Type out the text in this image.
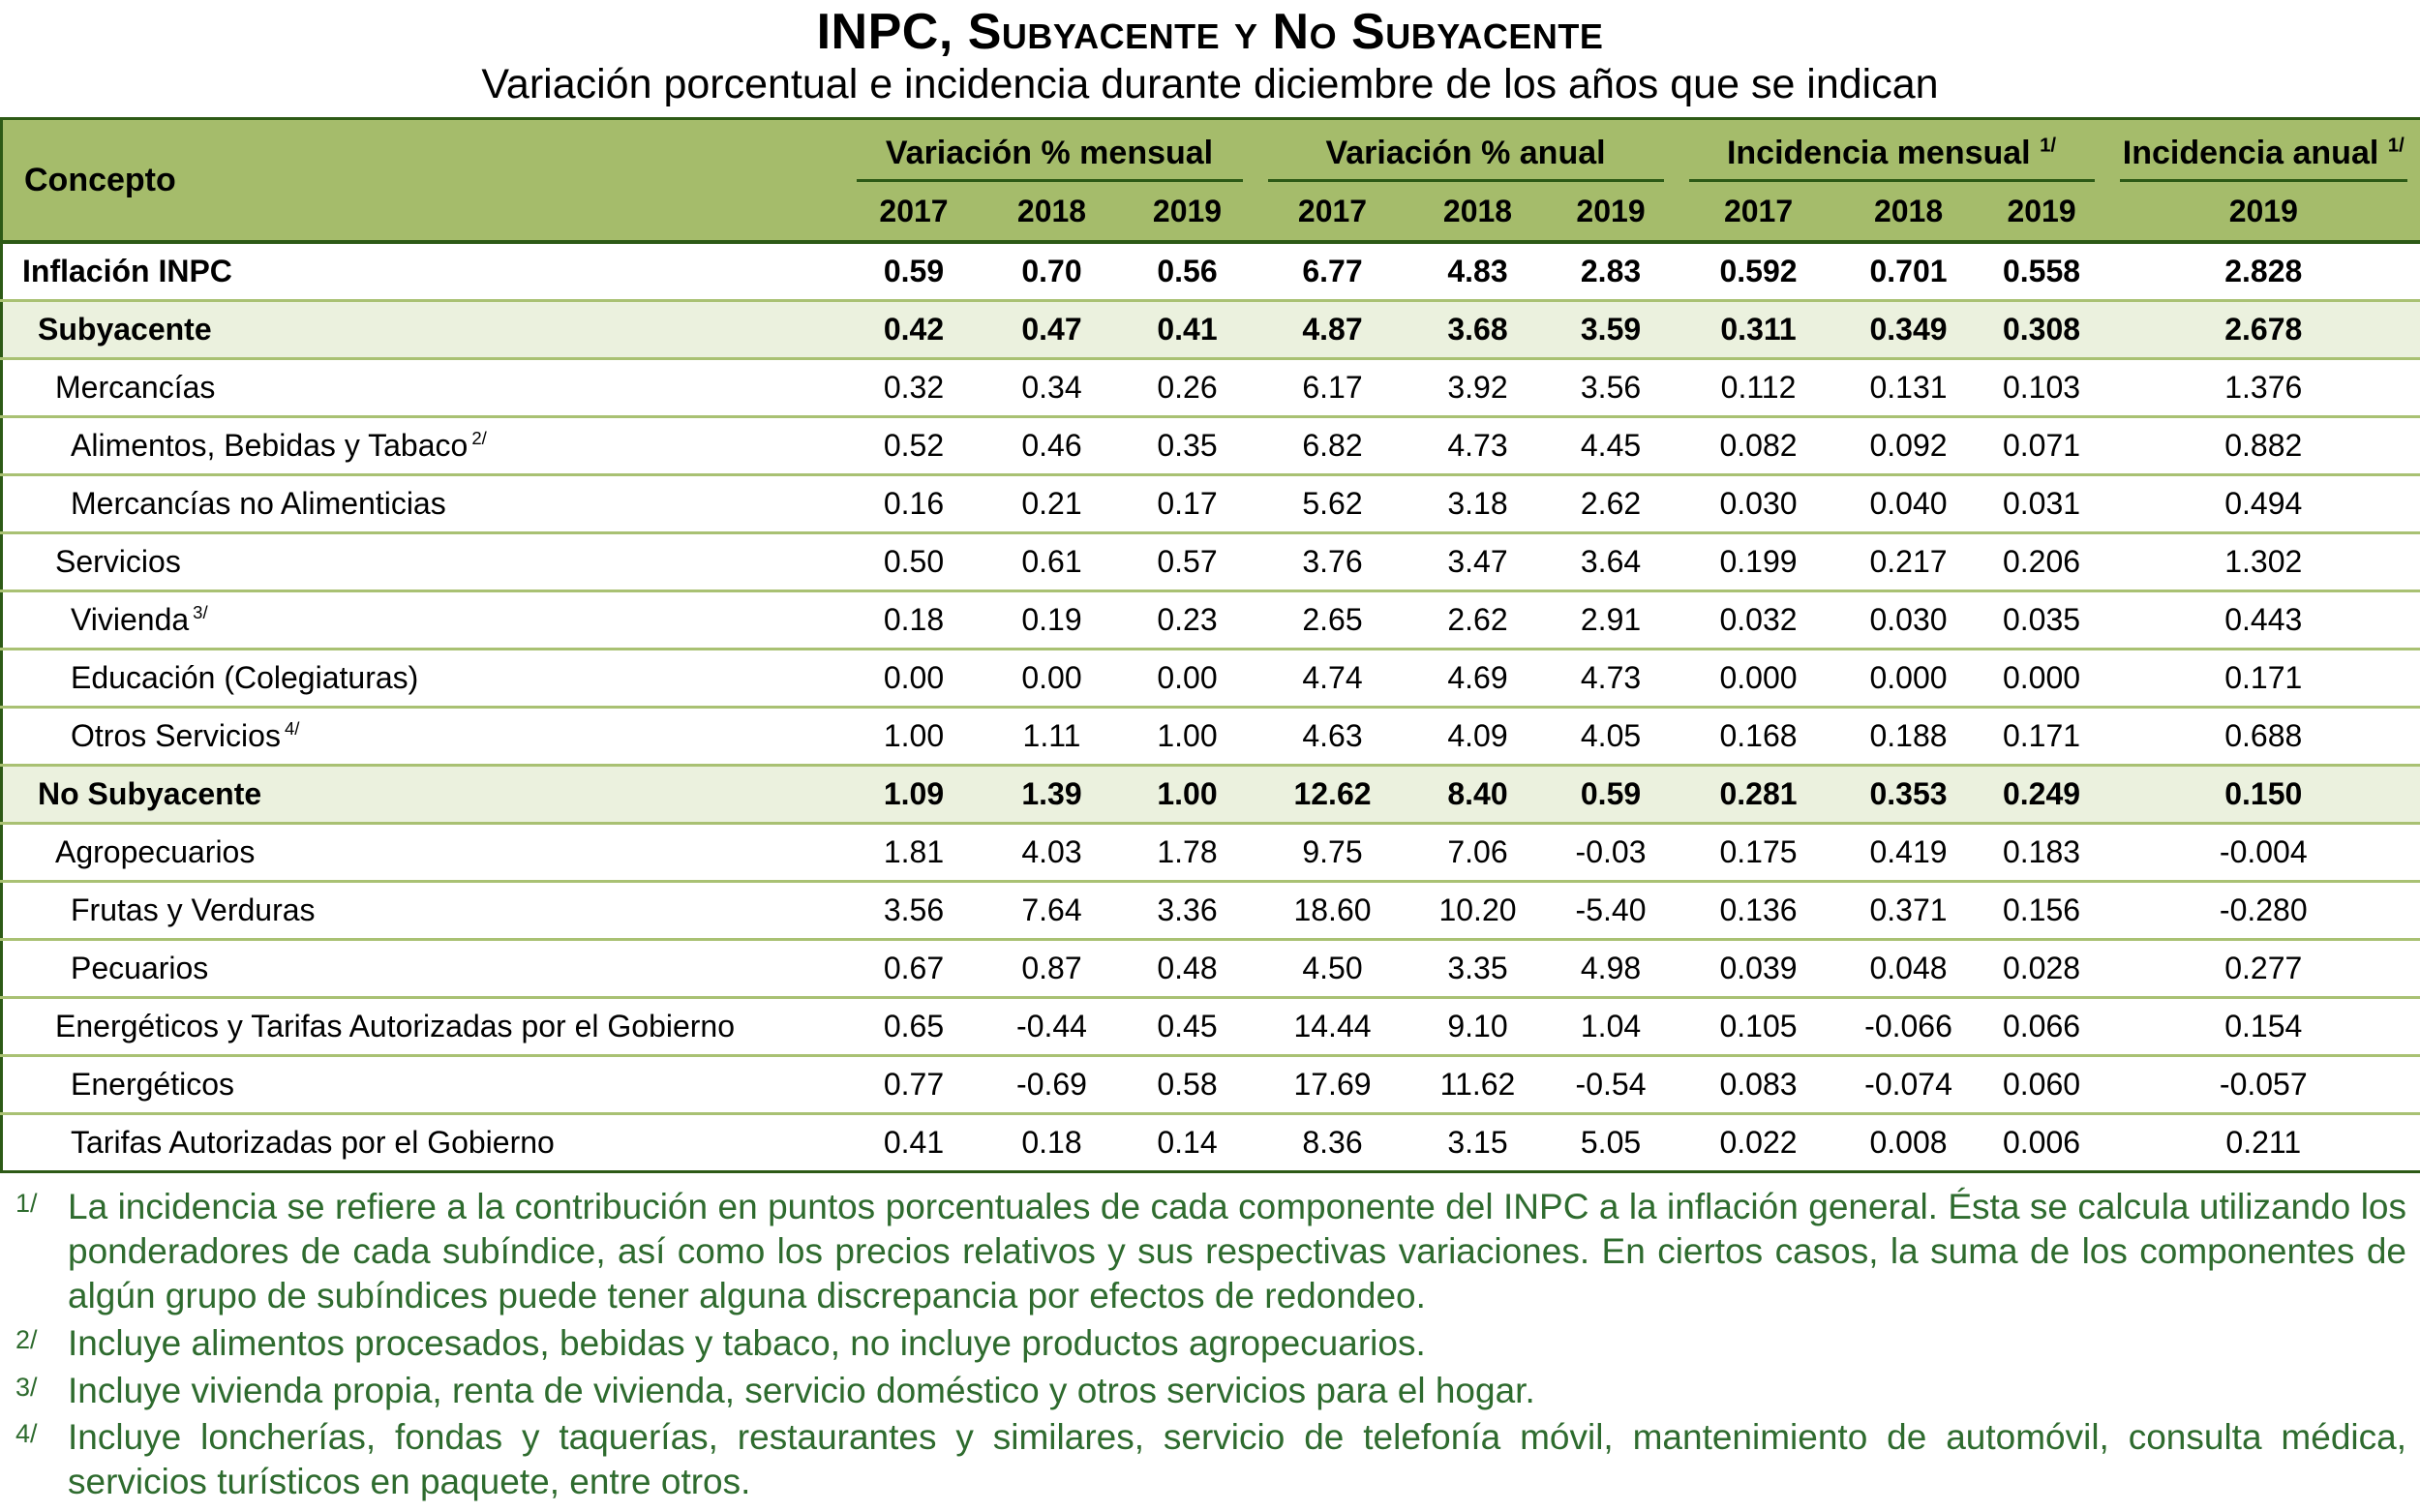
INPC, Subyacente y No Subyacente
Variación porcentual e incidencia durante diciembre de los años que se indican
Concepto	Variación % mensual			Variación % anual			Incidencia mensual $^{1/}$			Incidencia anual $^{1/}$

	2017	2018	2019	2017	2018	2019	2017	2018	2019	2019
Inflación INPC	0.59	0.70	0.56	6.77	4.83	2.83	0.592	0.701	0.558	2.828
Subyacente	0.42	0.47	0.41	4.87	3.68	3.59	0.311	0.349	0.308	2.678
Mercancías	0.32	0.34	0.26	6.17	3.92	3.56	0.112	0.131	0.103	1.376
Alimentos, Bebidas y Tabaco $^{2/}$	0.52	0.46	0.35	6.82	4.73	4.45	0.082	0.092	0.071	0.882
Mercancías no Alimenticias	0.16	0.21	0.17	5.62	3.18	2.62	0.030	0.040	0.031	0.494
Servicios	0.50	0.61	0.57	3.76	3.47	3.64	0.199	0.217	0.206	1.302
Vivienda $^{3/}$	0.18	0.19	0.23	2.65	2.62	2.91	0.032	0.030	0.035	0.443
Educación (Colegiaturas)	0.00	0.00	0.00	4.74	4.69	4.73	0.000	0.000	0.000	0.171
Otros Servicios $^{4/}$	1.00	1.11	1.00	4.63	4.09	4.05	0.168	0.188	0.171	0.688
No Subyacente	1.09	1.39	1.00	12.62	8.40	0.59	0.281	0.353	0.249	0.150
Agropecuarios	1.81	4.03	1.78	9.75	7.06	-0.03	0.175	0.419	0.183	-0.004
Frutas y Verduras	3.56	7.64	3.36	18.60	10.20	-5.40	0.136	0.371	0.156	-0.280
Pecuarios	0.67	0.87	0.48	4.50	3.35	4.98	0.039	0.048	0.028	0.277
Energéticos y Tarifas Autorizadas por el Gobierno	0.65	-0.44	0.45	14.44	9.10	1.04	0.105	-0.066	0.066	0.154
Energéticos	0.77	-0.69	0.58	17.69	11.62	-0.54	0.083	-0.074	0.060	-0.057
Tarifas Autorizadas por el Gobierno	0.41	0.18	0.14	8.36	3.15	5.05	0.022	0.008	0.006	0.211
1/ La incidencia se refiere a la contribución en puntos porcentuales de cada componente del INPC a la inflación general. Ésta se calcula utilizando los ponderadores de cada subíndice, así como los precios relativos y sus respectivas variaciones. En ciertos casos, la suma de los componentes de algún grupo de subíndices puede tener alguna discrepancia por efectos de redondeo.
2/ Incluye alimentos procesados, bebidas y tabaco, no incluye productos agropecuarios.
3/ Incluye vivienda propia, renta de vivienda, servicio doméstico y otros servicios para el hogar.
4/ Incluye loncherías, fondas y taquerías, restaurantes y similares, servicio de telefonía móvil, mantenimiento de automóvil, consulta médica, servicios turísticos en paquete, entre otros.
